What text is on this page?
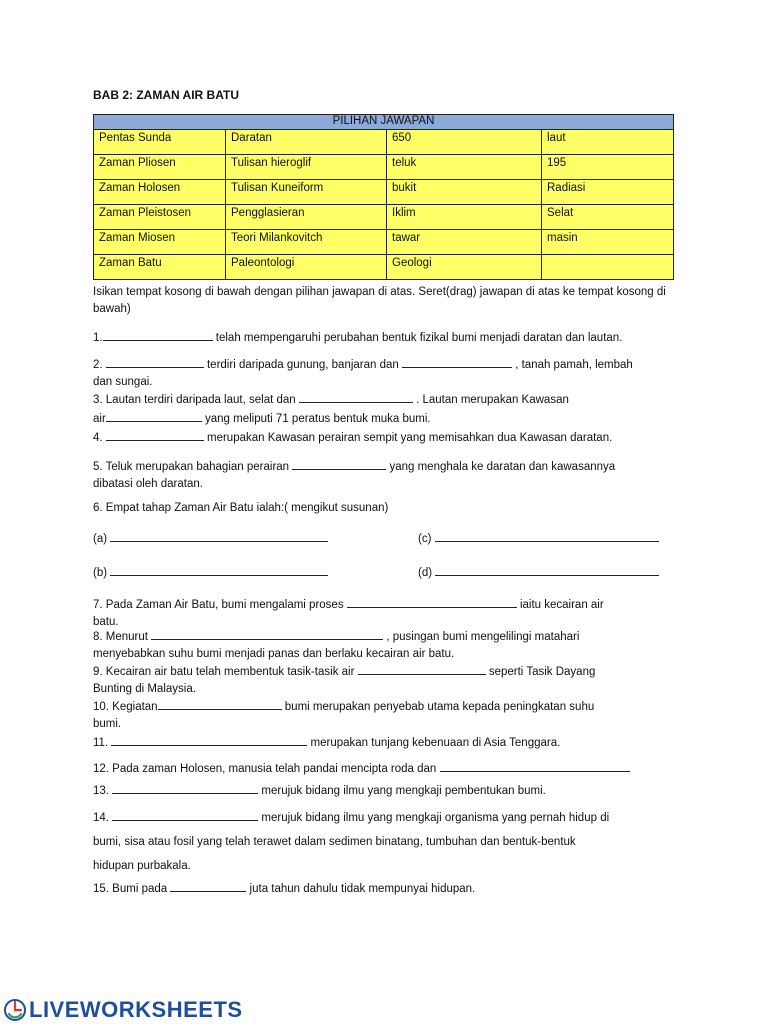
BAB 2: ZAMAN AIR BATU
PILIHAN JAWAPAN			
Pentas Sunda	Daratan	650	laut
Zaman Pliosen	Tulisan hieroglif	teluk	195
Zaman Holosen	Tulisan Kuneiform	bukit	Radiasi
Zaman Pleistosen	Pengglasieran	Iklim	Selat
Zaman Miosen	Teori Milankovitch	tawar	masin
Zaman Batu	Paleontologi	Geologi	
Isikan tempat kosong di bawah dengan pilihan jawapan di atas. Seret(drag) jawapan di atas ke tempat kosong di bawah)
1.	telah mempengaruhi perubahan bentuk fizikal bumi menjadi daratan dan lautan.
2.	terdiri daripada gunung, banjaran dan	, tanah pamah, lembah
dan sungai.
3. Lautan terdiri daripada laut, selat dan	. Lautan merupakan Kawasan
air	yang meliputi 71 peratus bentuk muka bumi.
4.	merupakan Kawasan perairan sempit yang memisahkan dua Kawasan daratan.
5. Teluk merupakan bahagian perairan	yang menghala ke daratan dan kawasannya
dibatasi oleh daratan.
6. Empat tahap Zaman Air Batu ialah:( mengikut susunan)
(a)	(c)
(b)	(d)
7. Pada Zaman Air Batu, bumi mengalami proses	iaitu kecairan air
batu.
8. Menurut	, pusingan bumi mengelilingi matahari
menyebabkan suhu bumi menjadi panas dan berlaku kecairan air batu.
9. Kecairan air batu telah membentuk tasik-tasik air	seperti Tasik Dayang
Bunting di Malaysia.
10. Kegiatan	bumi merupakan penyebab utama kepada peningkatan suhu
bumi.
11.	merupakan tunjang kebenuaan di Asia Tenggara.
12. Pada zaman Holosen, manusia telah pandai mencipta roda dan
13.	merujuk bidang ilmu yang mengkaji pembentukan bumi.
14.	merujuk bidang ilmu yang mengkaji organisma yang pernah hidup di
bumi, sisa atau fosil yang telah terawet dalam sedimen binatang, tumbuhan dan bentuk-bentuk
hidupan purbakala.
15. Bumi pada	juta tahun dahulu tidak mempunyai hidupan.
LIVEWORKSHEETS
